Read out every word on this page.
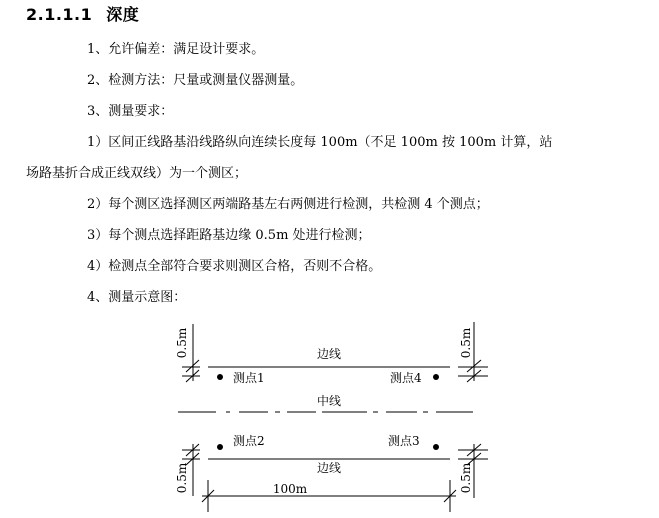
2.1.1.1 深度
1、允许偏差：满足设计要求。
2、检测方法：尺量或测量仪器测量。
3、测量要求：
1）区间正线路基沿线路纵向连续长度每 100m（不足 100m 按 100m 计算，站
场路基折合成正线双线）为一个测区；
2）每个测区选择测区两端路基左右两侧进行检测，共检测 4 个测点；
3）每个测点选择距路基边缘 0.5m 处进行检测；
4）检测点全部符合要求则测区合格，否则不合格。
4、测量示意图：
边线
中线
边线
测点1	测点4
测点2	测点3
100m
0.5m	0.5m
0.5m	0.5m
